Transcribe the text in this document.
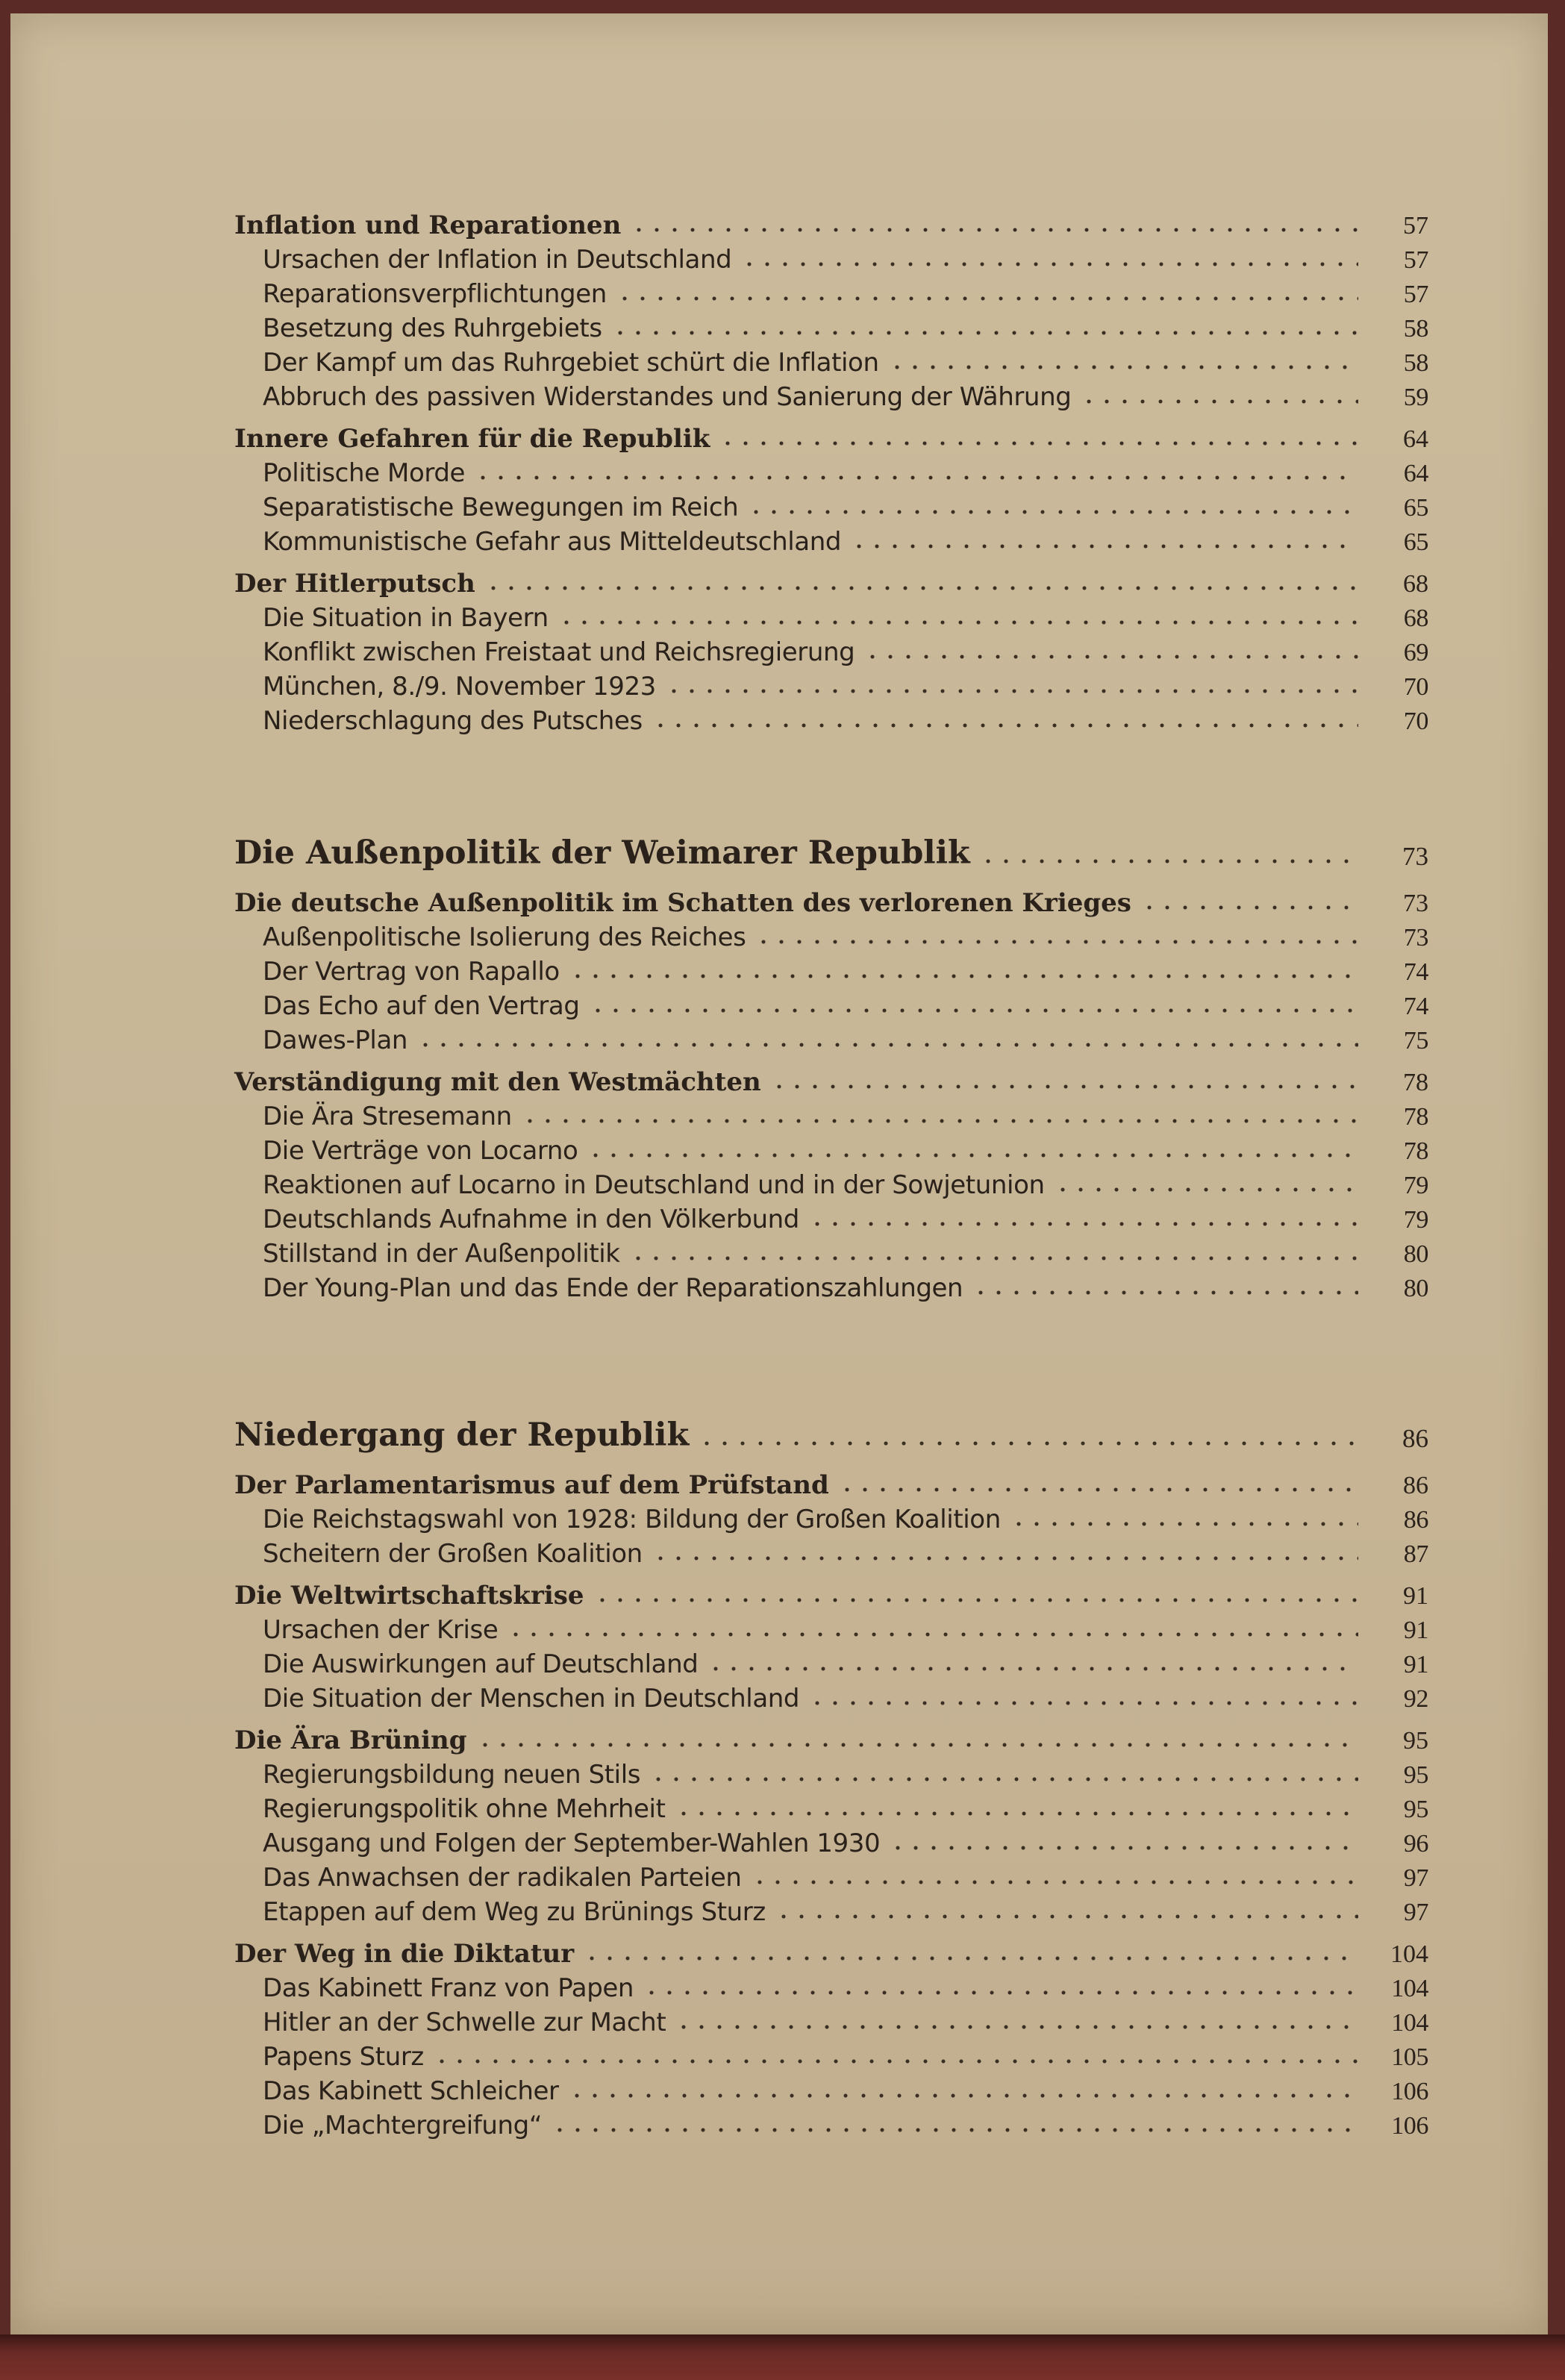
Inflation und Reparationen	57
Ursachen der Inflation in Deutschland	57
Reparationsverpflichtungen	57
Besetzung des Ruhrgebiets	58
Der Kampf um das Ruhrgebiet schürt die Inflation	58
Abbruch des passiven Widerstandes und Sanierung der Währung	59
Innere Gefahren für die Republik	64
Politische Morde	64
Separatistische Bewegungen im Reich	65
Kommunistische Gefahr aus Mitteldeutschland	65
Der Hitlerputsch	68
Die Situation in Bayern	68
Konflikt zwischen Freistaat und Reichsregierung	69
München, 8./9. November 1923	70
Niederschlagung des Putsches	70
Die Außenpolitik der Weimarer Republik	73
Die deutsche Außenpolitik im Schatten des verlorenen Krieges	73
Außenpolitische Isolierung des Reiches	73
Der Vertrag von Rapallo	74
Das Echo auf den Vertrag	74
Dawes-Plan	75
Verständigung mit den Westmächten	78
Die Ära Stresemann	78
Die Verträge von Locarno	78
Reaktionen auf Locarno in Deutschland und in der Sowjetunion	79
Deutschlands Aufnahme in den Völkerbund	79
Stillstand in der Außenpolitik	80
Der Young-Plan und das Ende der Reparationszahlungen	80
Niedergang der Republik	86
Der Parlamentarismus auf dem Prüfstand	86
Die Reichstagswahl von 1928: Bildung der Großen Koalition	86
Scheitern der Großen Koalition	87
Die Weltwirtschaftskrise	91
Ursachen der Krise	91
Die Auswirkungen auf Deutschland	91
Die Situation der Menschen in Deutschland	92
Die Ära Brüning	95
Regierungsbildung neuen Stils	95
Regierungspolitik ohne Mehrheit	95
Ausgang und Folgen der September-Wahlen 1930	96
Das Anwachsen der radikalen Parteien	97
Etappen auf dem Weg zu Brünings Sturz	97
Der Weg in die Diktatur	104
Das Kabinett Franz von Papen	104
Hitler an der Schwelle zur Macht	104
Papens Sturz	105
Das Kabinett Schleicher	106
Die „Machtergreifung“	106
